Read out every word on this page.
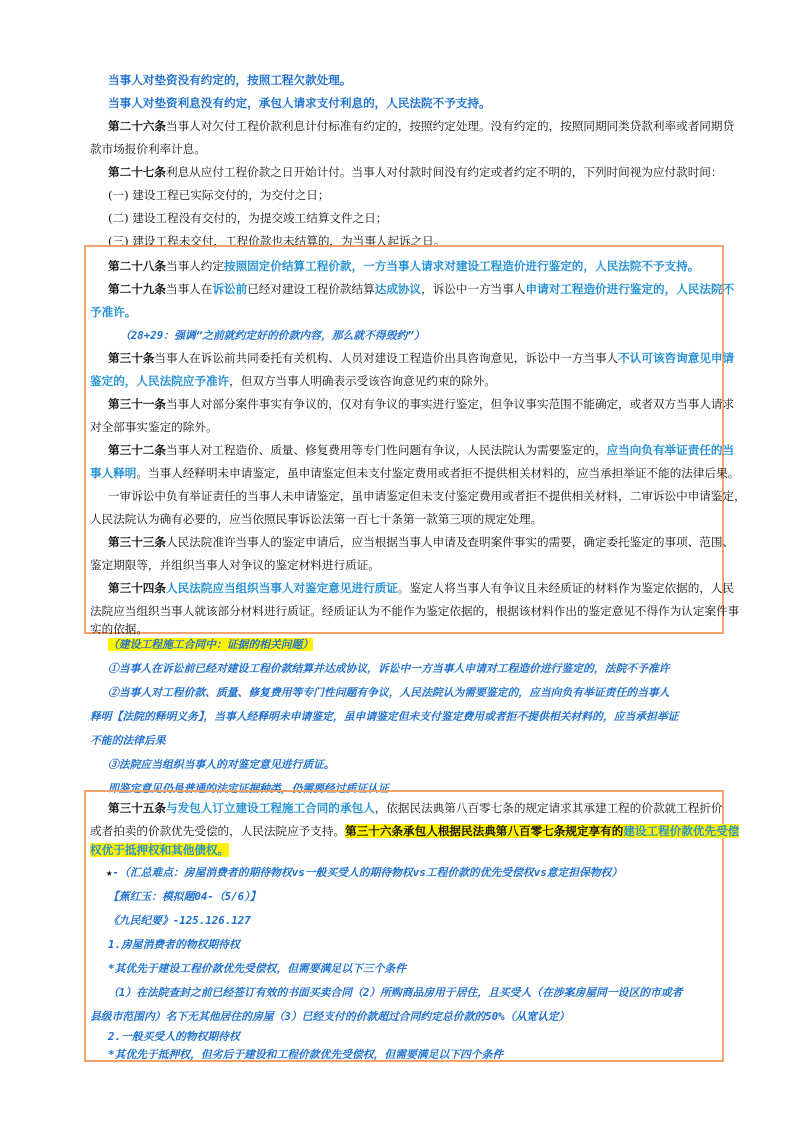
当事人对垫资没有约定的，按照工程欠款处理。
当事人对垫资利息没有约定，承包人请求支付利息的，人民法院不予支持。
第二十六条当事人对欠付工程价款利息计付标准有约定的，按照约定处理。没有约定的，按照同期同类贷款利率或者同期贷
款市场报价利率计息。
第二十七条利息从应付工程价款之日开始计付。当事人对付款时间没有约定或者约定不明的，下列时间视为应付款时间：
(一) 建设工程已实际交付的，为交付之日；
(二) 建设工程没有交付的，为提交竣工结算文件之日；
(三) 建设工程未交付，工程价款也未结算的，为当事人起诉之日。
第二十八条当事人约定按照固定价结算工程价款，一方当事人请求对建设工程造价进行鉴定的，人民法院不予支持。
第二十九条当事人在诉讼前已经对建设工程价款结算达成协议，诉讼中一方当事人申请对工程造价进行鉴定的，人民法院不
予准许。
（28+29：强调“之前就约定好的价款内容，那么就不得毁约”）
第三十条当事人在诉讼前共同委托有关机构、人员对建设工程造价出具咨询意见，诉讼中一方当事人不认可该咨询意见申请
鉴定的，人民法院应予准许，但双方当事人明确表示受该咨询意见约束的除外。
第三十一条当事人对部分案件事实有争议的，仅对有争议的事实进行鉴定，但争议事实范围不能确定，或者双方当事人请求
对全部事实鉴定的除外。
第三十二条当事人对工程造价、质量、修复费用等专门性问题有争议，人民法院认为需要鉴定的，应当向负有举证责任的当
事人释明。当事人经释明未申请鉴定，虽申请鉴定但未支付鉴定费用或者拒不提供相关材料的，应当承担举证不能的法律后果。
一审诉讼中负有举证责任的当事人未申请鉴定，虽申请鉴定但未支付鉴定费用或者拒不提供相关材料，二审诉讼中申请鉴定，
人民法院认为确有必要的，应当依照民事诉讼法第一百七十条第一款第三项的规定处理。
第三十三条人民法院准许当事人的鉴定申请后，应当根据当事人申请及查明案件事实的需要，确定委托鉴定的事项、范围、
鉴定期限等，并组织当事人对争议的鉴定材料进行质证。
第三十四条人民法院应当组织当事人对鉴定意见进行质证。鉴定人将当事人有争议且未经质证的材料作为鉴定依据的，人民
法院应当组织当事人就该部分材料进行质证。经质证认为不能作为鉴定依据的，根据该材料作出的鉴定意见不得作为认定案件事
实的依据。
（建设工程施工合同中：证据的相关问题）
①当事人在诉讼前已经对建设工程价款结算并达成协议，诉讼中一方当事人申请对工程造价进行鉴定的，法院不予准许
②当事人对工程价款、质量、修复费用等专门性问题有争议，人民法院认为需要鉴定的，应当向负有举证责任的当事人
释明【法院的释明义务】，当事人经释明未申请鉴定，虽申请鉴定但未支付鉴定费用或者拒不提供相关材料的，应当承担举证
不能的法律后果
③法院应当组织当事人的对鉴定意见进行质证。
即鉴定意见仍是普通的法定证据种类，仍需要经过质证认证
第三十五条与发包人订立建设工程施工合同的承包人，依据民法典第八百零七条的规定请求其承建工程的价款就工程折价
或者拍卖的价款优先受偿的，人民法院应予支持。第三十六条承包人根据民法典第八百零七条规定享有的建设工程价款优先受偿
权优于抵押权和其他债权。
★-（汇总难点：房屋消费者的期待物权vs一般买受人的期待物权vs工程价款的优先受偿权vs意定担保物权）
【蕉红玉：模拟题04-（5/6）】
《九民纪要》-125.126.127
1.房屋消费者的物权期待权
*其优先于建设工程价款优先受偿权，但需要满足以下三个条件
（1）在法院查封之前已经签订有效的书面买卖合同（2）所购商品房用于居住，且买受人（在涉案房屋同一设区的市或者
县级市范围内）名下无其他居住的房屋（3）已经支付的价款超过合同约定总价款的50%（从宽认定）
2.一般买受人的物权期待权
*其优先于抵押权，但劣后于建设和工程价款优先受偿权，但需要满足以下四个条件
